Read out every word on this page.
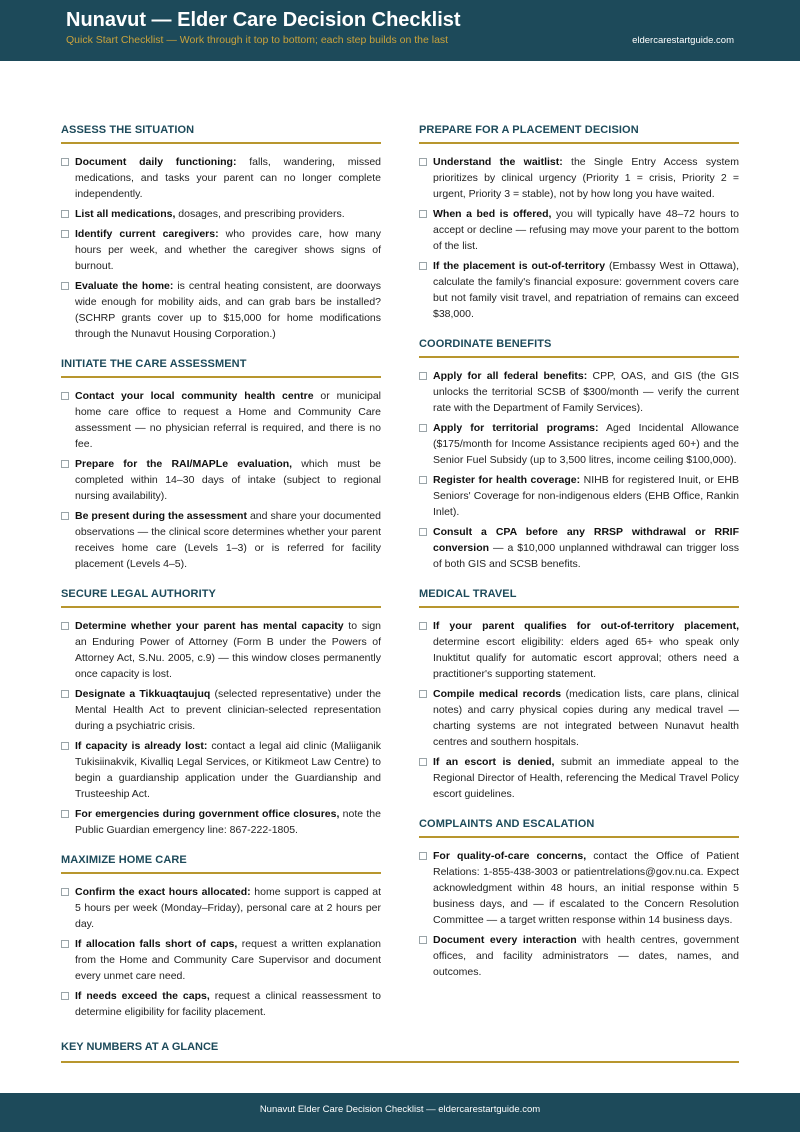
Nunavut — Elder Care Decision Checklist
Quick Start Checklist — Work through it top to bottom; each step builds on the last	eldercarestartguide.com
ASSESS THE SITUATION
Document daily functioning: falls, wandering, missed medications, and tasks your parent can no longer complete independently.
List all medications, dosages, and prescribing providers.
Identify current caregivers: who provides care, how many hours per week, and whether the caregiver shows signs of burnout.
Evaluate the home: is central heating consistent, are doorways wide enough for mobility aids, and can grab bars be installed? (SCHRP grants cover up to $15,000 for home modifications through the Nunavut Housing Corporation.)
INITIATE THE CARE ASSESSMENT
Contact your local community health centre or municipal home care office to request a Home and Community Care assessment — no physician referral is required, and there is no fee.
Prepare for the RAI/MAPLe evaluation, which must be completed within 14–30 days of intake (subject to regional nursing availability).
Be present during the assessment and share your documented observations — the clinical score determines whether your parent receives home care (Levels 1–3) or is referred for facility placement (Levels 4–5).
SECURE LEGAL AUTHORITY
Determine whether your parent has mental capacity to sign an Enduring Power of Attorney (Form B under the Powers of Attorney Act, S.Nu. 2005, c.9) — this window closes permanently once capacity is lost.
Designate a Tikkuaqtaujuq (selected representative) under the Mental Health Act to prevent clinician-selected representation during a psychiatric crisis.
If capacity is already lost: contact a legal aid clinic (Maliiganik Tukisiinakvik, Kivalliq Legal Services, or Kitikmeot Law Centre) to begin a guardianship application under the Guardianship and Trusteeship Act.
For emergencies during government office closures, note the Public Guardian emergency line: 867-222-1805.
MAXIMIZE HOME CARE
Confirm the exact hours allocated: home support is capped at 5 hours per week (Monday–Friday), personal care at 2 hours per day.
If allocation falls short of caps, request a written explanation from the Home and Community Care Supervisor and document every unmet care need.
If needs exceed the caps, request a clinical reassessment to determine eligibility for facility placement.
PREPARE FOR A PLACEMENT DECISION
Understand the waitlist: the Single Entry Access system prioritizes by clinical urgency (Priority 1 = crisis, Priority 2 = urgent, Priority 3 = stable), not by how long you have waited.
When a bed is offered, you will typically have 48–72 hours to accept or decline — refusing may move your parent to the bottom of the list.
If the placement is out-of-territory (Embassy West in Ottawa), calculate the family's financial exposure: government covers care but not family visit travel, and repatriation of remains can exceed $38,000.
COORDINATE BENEFITS
Apply for all federal benefits: CPP, OAS, and GIS (the GIS unlocks the territorial SCSB of $300/month — verify the current rate with the Department of Family Services).
Apply for territorial programs: Aged Incidental Allowance ($175/month for Income Assistance recipients aged 60+) and the Senior Fuel Subsidy (up to 3,500 litres, income ceiling $100,000).
Register for health coverage: NIHB for registered Inuit, or EHB Seniors' Coverage for non-indigenous elders (EHB Office, Rankin Inlet).
Consult a CPA before any RRSP withdrawal or RRIF conversion — a $10,000 unplanned withdrawal can trigger loss of both GIS and SCSB benefits.
MEDICAL TRAVEL
If your parent qualifies for out-of-territory placement, determine escort eligibility: elders aged 65+ who speak only Inuktitut qualify for automatic escort approval; others need a practitioner's supporting statement.
Compile medical records (medication lists, care plans, clinical notes) and carry physical copies during any medical travel — charting systems are not integrated between Nunavut health centres and southern hospitals.
If an escort is denied, submit an immediate appeal to the Regional Director of Health, referencing the Medical Travel Policy escort guidelines.
COMPLAINTS AND ESCALATION
For quality-of-care concerns, contact the Office of Patient Relations: 1-855-438-3003 or patientrelations@gov.nu.ca. Expect acknowledgment within 48 hours, an initial response within 5 business days, and — if escalated to the Concern Resolution Committee — a target written response within 14 business days.
Document every interaction with health centres, government offices, and facility administrators — dates, names, and outcomes.
KEY NUMBERS AT A GLANCE
Nunavut Elder Care Decision Checklist — eldercarestartguide.com
